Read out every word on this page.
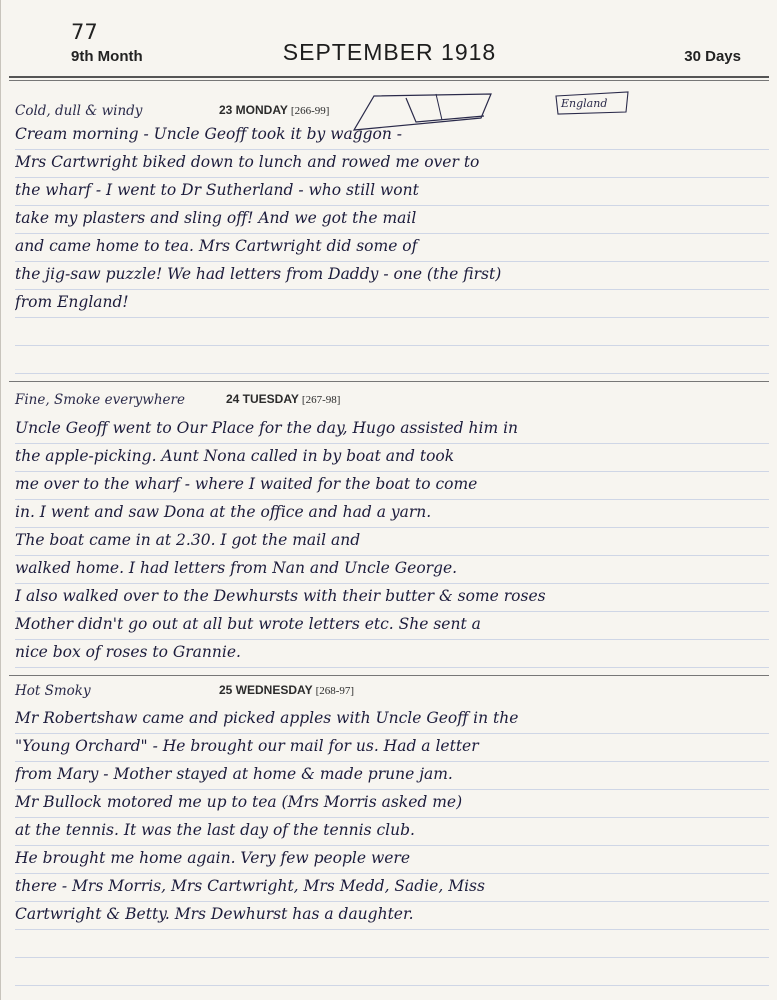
77
9th Month	SEPTEMBER 1918	30 Days
Cold, dull & windy	23 MONDAY [266-99]
England
Cream morning - Uncle Geoff took it by waggon -
Mrs Cartwright biked down to lunch and rowed me over to
the wharf - I went to Dr Sutherland - who still wont
take my plasters and sling off! And we got the mail
and came home to tea. Mrs Cartwright did some of
the jig-saw puzzle! We had letters from Daddy - one (the first)
from England!
Fine, Smoke everywhere	24 TUESDAY [267-98]
Uncle Geoff went to Our Place for the day, Hugo assisted him in
the apple-picking. Aunt Nona called in by boat and took
me over to the wharf - where I waited for the boat to come
in. I went and saw Dona at the office and had a yarn.
The boat came in at 2.30. I got the mail and
walked home. I had letters from Nan and Uncle George.
I also walked over to the Dewhursts with their butter & some roses
Mother didn't go out at all but wrote letters etc. She sent a
nice box of roses to Grannie.
Hot Smoky	25 WEDNESDAY [268-97]
Mr Robertshaw came and picked apples with Uncle Geoff in the
"Young Orchard" - He brought our mail for us. Had a letter
from Mary - Mother stayed at home & made prune jam.
Mr Bullock motored me up to tea (Mrs Morris asked me)
at the tennis. It was the last day of the tennis club.
He brought me home again. Very few people were
there - Mrs Morris, Mrs Cartwright, Mrs Medd, Sadie, Miss
Cartwright & Betty. Mrs Dewhurst has a daughter.
